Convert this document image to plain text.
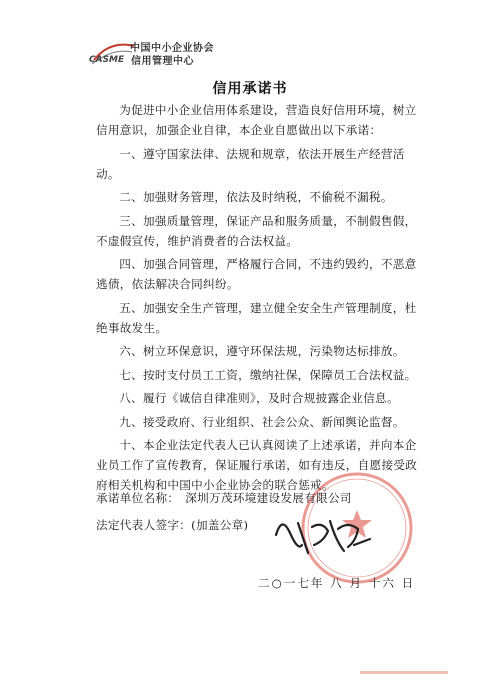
CASME
中国中小企业协会
信用管理中心
信用承诺书

为促进中小企业信用体系建设，营造良好信用环境，树立信用意识，加强企业自律，本企业自愿做出以下承诺：

一、遵守国家法律、法规和规章，依法开展生产经营活动。

二、加强财务管理，依法及时纳税，不偷税不漏税。

三、加强质量管理，保证产品和服务质量，不制假售假，不虚假宣传，维护消费者的合法权益。

四、加强合同管理，严格履行合同，不违约毁约，不恶意逃债，依法解决合同纠纷。

五、加强安全生产管理，建立健全安全生产管理制度，杜绝事故发生。

六、树立环保意识，遵守环保法规，污染物达标排放。

七、按时支付员工工资，缴纳社保，保障员工合法权益。

八、履行《诚信自律准则》，及时合规披露企业信息。

九、接受政府、行业组织、社会公众、新闻舆论监督。

十、本企业法定代表人已认真阅读了上述承诺，并向本企业员工作了宣传教育，保证履行承诺，如有违反，自愿接受政府相关机构和中国中小企业协会的联合惩戒。

承诺单位名称： 深圳万茂环境建设发展有限公司
法定代表人签字：(加盖公章)
二○一七年 八 月 十六 日
